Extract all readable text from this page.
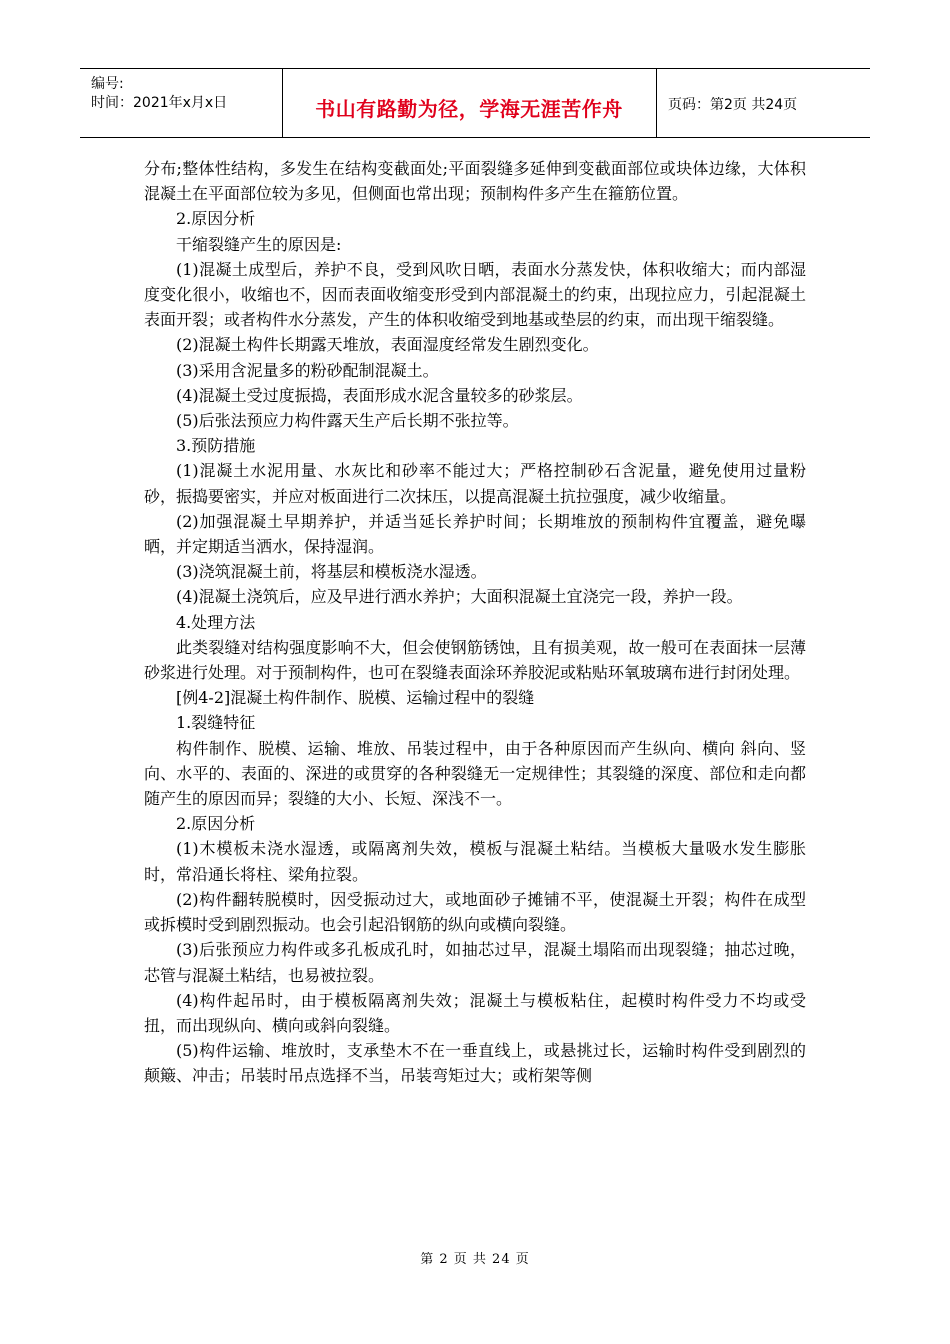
编号:
时间：2021年x月x日	书山有路勤为径，学海无涯苦作舟	页码：第2页 共24页

分布;整体性结构，多发生在结构变截面处;平面裂缝多延伸到变截面部位或块体边缘，大体积混凝土在平面部位较为多见，但侧面也常出现；预制构件多产生在箍筋位置。

2.原因分析

干缩裂缝产生的原因是:

(1)混凝土成型后，养护不良，受到风吹日晒，表面水分蒸发快，体积收缩大；而内部湿度变化很小，收缩也不，因而表面收缩变形受到内部混凝土的约束，出现拉应力，引起混凝土表面开裂；或者构件水分蒸发，产生的体积收缩受到地基或垫层的约束，而出现干缩裂缝。

(2)混凝土构件长期露天堆放，表面湿度经常发生剧烈变化。

(3)采用含泥量多的粉砂配制混凝土。

(4)混凝土受过度振捣，表面形成水泥含量较多的砂浆层。

(5)后张法预应力构件露天生产后长期不张拉等。

3.预防措施

(1)混凝土水泥用量、水灰比和砂率不能过大；严格控制砂石含泥量，避免使用过量粉砂，振捣要密实，并应对板面进行二次抹压，以提高混凝土抗拉强度，减少收缩量。

(2)加强混凝土早期养护，并适当延长养护时间；长期堆放的预制构件宜覆盖，避免曝晒，并定期适当洒水，保持湿润。

(3)浇筑混凝土前，将基层和模板浇水湿透。

(4)混凝土浇筑后，应及早进行洒水养护；大面积混凝土宜浇完一段，养护一段。

4.处理方法

此类裂缝对结构强度影响不大，但会使钢筋锈蚀，且有损美观，故一般可在表面抹一层薄砂浆进行处理。对于预制构件，也可在裂缝表面涂环养胶泥或粘贴环氧玻璃布进行封闭处理。

[例4-2]混凝土构件制作、脱模、运输过程中的裂缝

1.裂缝特征

构件制作、脱模、运输、堆放、吊装过程中，由于各种原因而产生纵向、横向 斜向、竖向、水平的、表面的、深进的或贯穿的各种裂缝无一定规律性；其裂缝的深度、部位和走向都随产生的原因而异；裂缝的大小、长短、深浅不一。

2.原因分析

(1)木模板未浇水湿透，或隔离剂失效，模板与混凝土粘结。当模板大量吸水发生膨胀时，常沿通长将柱、梁角拉裂。

(2)构件翻转脱模时，因受振动过大，或地面砂子摊铺不平，使混凝土开裂；构件在成型或拆模时受到剧烈振动。也会引起沿钢筋的纵向或横向裂缝。

(3)后张预应力构件或多孔板成孔时，如抽芯过早，混凝土塌陷而出现裂缝；抽芯过晚，芯管与混凝土粘结，也易被拉裂。

(4)构件起吊时，由于模板隔离剂失效；混凝土与模板粘住，起模时构件受力不均或受扭，而出现纵向、横向或斜向裂缝。

(5)构件运输、堆放时，支承垫木不在一垂直线上，或悬挑过长，运输时构件受到剧烈的颠簸、冲击；吊装时吊点选择不当，吊装弯矩过大；或桁架等侧

第 2 页 共 24 页
